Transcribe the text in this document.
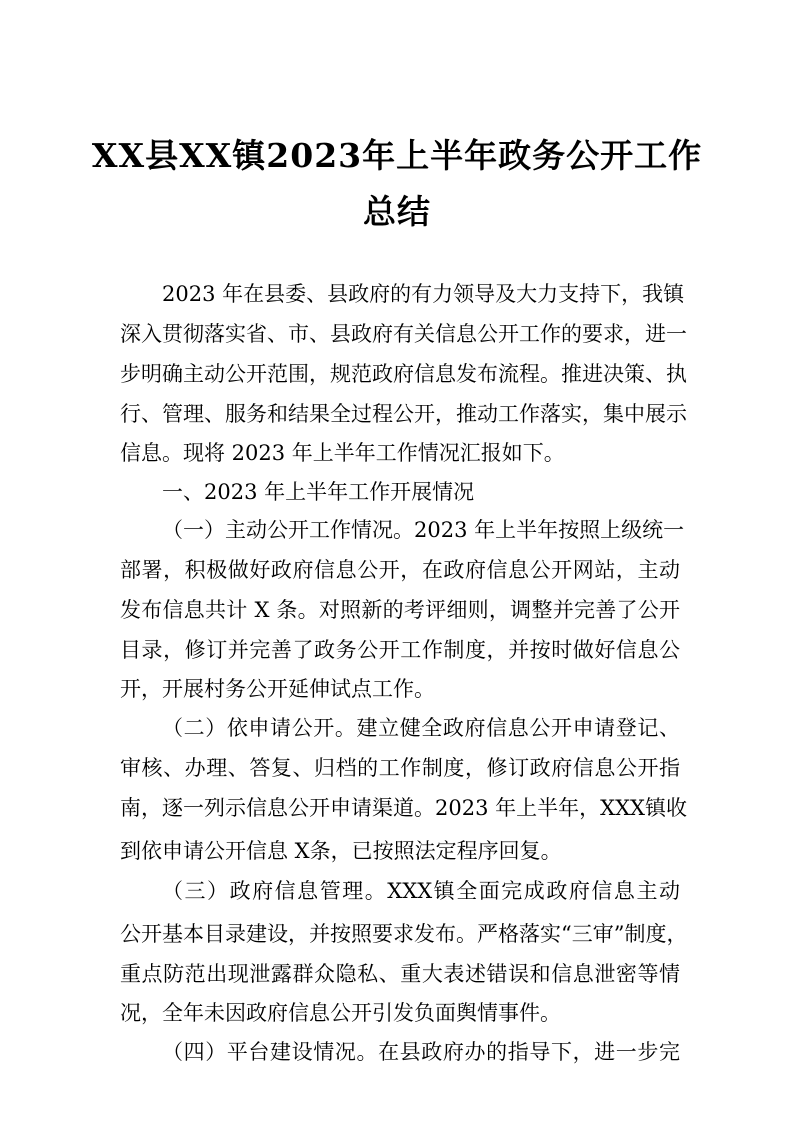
XX县XX镇2023年上半年政务公开工作
总结
2023 年在县委、县政府的有力领导及大力支持下，我镇
深入贯彻落实省、市、县政府有关信息公开工作的要求，进一
步明确主动公开范围，规范政府信息发布流程。推进决策、执
行、管理、服务和结果全过程公开，推动工作落实，集中展示
信息。现将 2023 年上半年工作情况汇报如下。
一、2023 年上半年工作开展情况
（一）主动公开工作情况。2023 年上半年按照上级统一
部署，积极做好政府信息公开，在政府信息公开网站，主动
发布信息共计 X 条。对照新的考评细则，调整并完善了公开
目录，修订并完善了政务公开工作制度，并按时做好信息公
开，开展村务公开延伸试点工作。
（二）依申请公开。建立健全政府信息公开申请登记、
审核、办理、答复、归档的工作制度，修订政府信息公开指
南，逐一列示信息公开申请渠道。2023 年上半年，XXX镇收
到依申请公开信息 X条，已按照法定程序回复。
（三）政府信息管理。XXX镇全面完成政府信息主动
公开基本目录建设，并按照要求发布。严格落实“三审”制度，
重点防范出现泄露群众隐私、重大表述错误和信息泄密等情
况，全年未因政府信息公开引发负面舆情事件。
（四）平台建设情况。在县政府办的指导下，进一步完
